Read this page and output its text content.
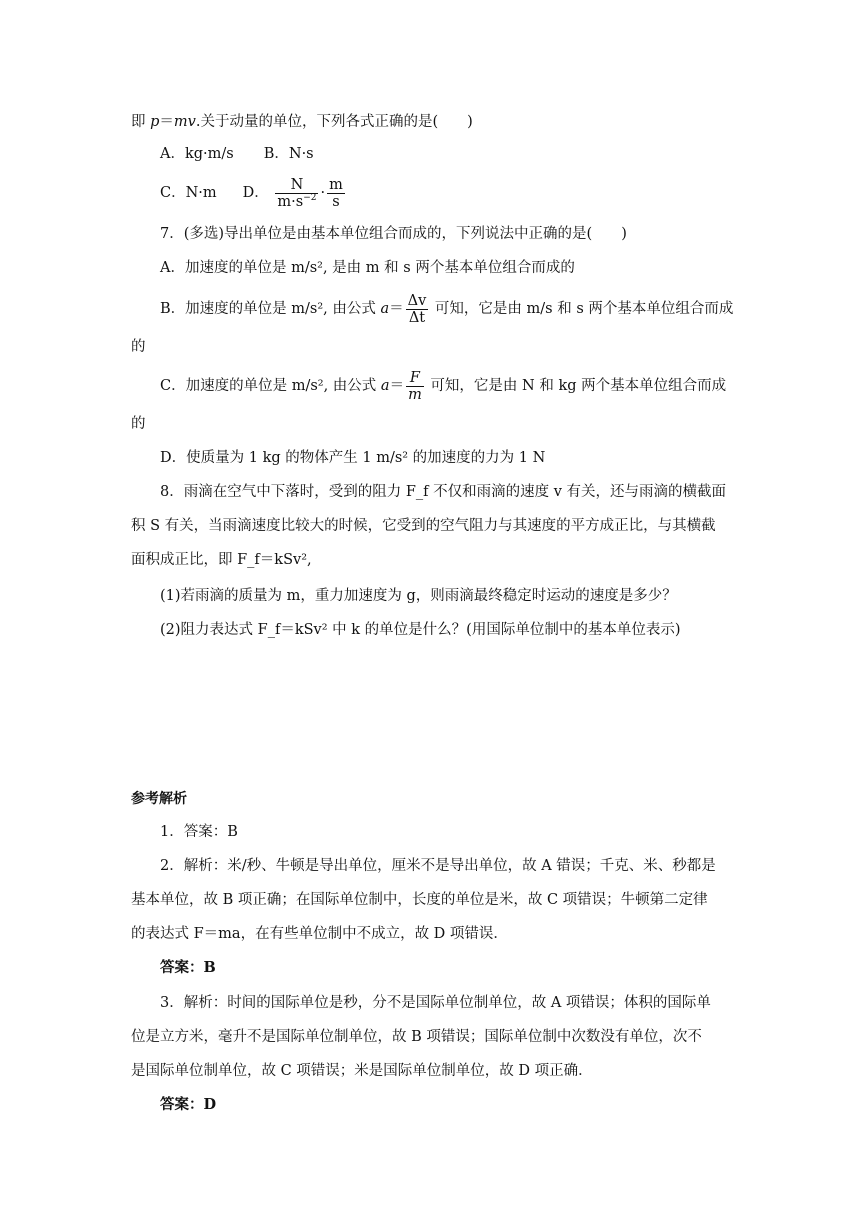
即 p＝mv.关于动量的单位，下列各式正确的是(　　)
A．kg·m/s B．N·s
C．N·m D． $\frac{N}{m\cdot s^{-2}} \cdot \frac{m}{s}$
7．(多选)导出单位是由基本单位组合而成的，下列说法中正确的是(　　)
A．加速度的单位是 m/s², 是由 m 和 s 两个基本单位组合而成的
B．加速度的单位是 m/s², 由公式 $a= \frac{\Delta v}{\Delta t}$ 可知，它是由 m/s 和 s 两个基本单位组合而成
的
C．加速度的单位是 m/s², 由公式 $a= \frac{F}{m}$ 可知，它是由 N 和 kg 两个基本单位组合而成
的
D．使质量为 1 kg 的物体产生 1 m/s² 的加速度的力为 1 N
8．雨滴在空气中下落时，受到的阻力 F_f 不仅和雨滴的速度 v 有关，还与雨滴的横截面
积 S 有关，当雨滴速度比较大的时候，它受到的空气阻力与其速度的平方成正比，与其横截
面积成正比，即 F_f＝kSv²,
(1)若雨滴的质量为 m，重力加速度为 g，则雨滴最终稳定时运动的速度是多少？
(2)阻力表达式 F_f＝kSv² 中 k 的单位是什么？(用国际单位制中的基本单位表示)
参考解析
1．答案：B
2．解析：米/秒、牛顿是导出单位，厘米不是导出单位，故 A 错误；千克、米、秒都是
基本单位，故 B 项正确；在国际单位制中，长度的单位是米，故 C 项错误；牛顿第二定律
的表达式 F＝ma，在有些单位制中不成立，故 D 项错误．
答案：B
3．解析：时间的国际单位是秒，分不是国际单位制单位，故 A 项错误；体积的国际单
位是立方米，毫升不是国际单位制单位，故 B 项错误；国际单位制中次数没有单位，次不
是国际单位制单位，故 C 项错误；米是国际单位制单位，故 D 项正确．
答案：D
